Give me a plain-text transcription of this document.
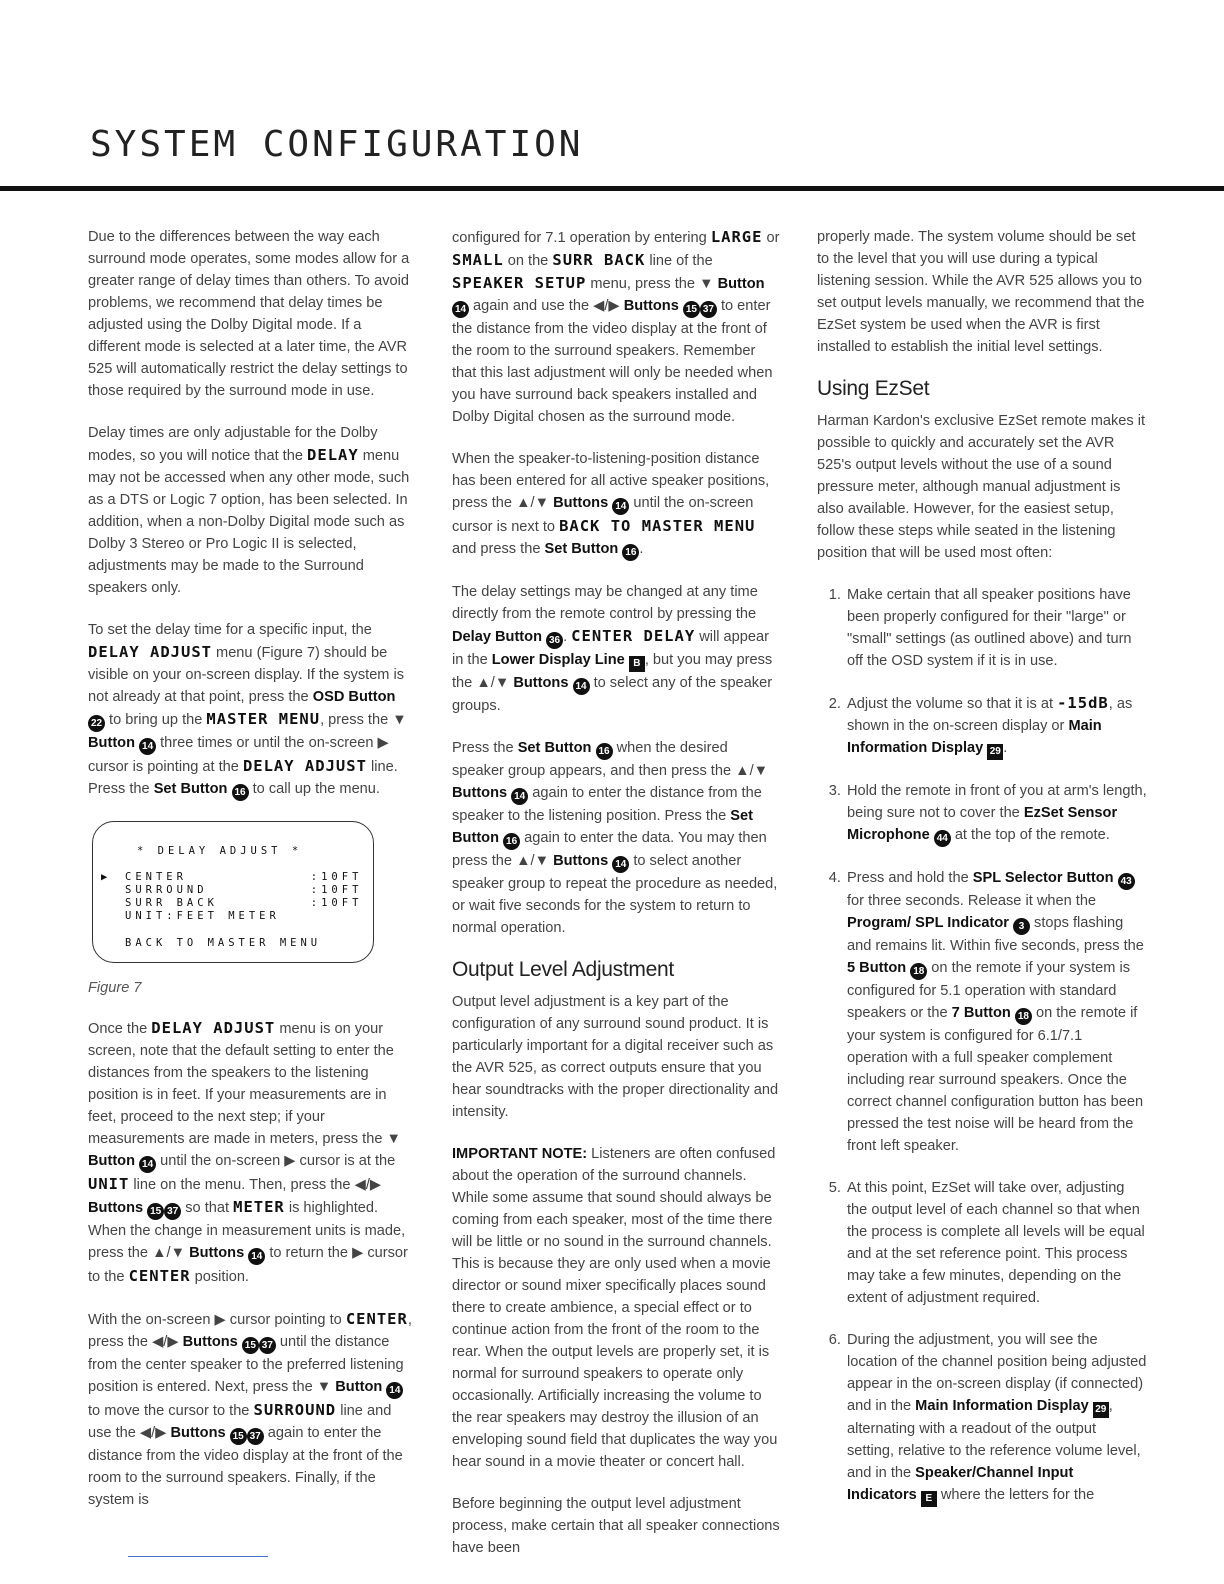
SYSTEM CONFIGURATION

Due to the differences between the way each surround mode operates, some modes allow for a greater range of delay times than others. To avoid problems, we recommend that delay times be adjusted using the Dolby Digital mode. If a different mode is selected at a later time, the AVR 525 will automatically restrict the delay settings to those required by the surround mode in use.

Delay times are only adjustable for the Dolby modes, so you will notice that the DELAY menu may not be accessed when any other mode, such as a DTS or Logic 7 option, has been selected. In addition, when a non-Dolby Digital mode such as Dolby 3 Stereo or Pro Logic II is selected, adjustments may be made to the Surround speakers only.

To set the delay time for a specific input, the DELAY ADJUST menu (Figure 7) should be visible on your on-screen display. If the system is not already at that point, press the OSD Button 22 to bring up the MASTER MENU, press the ▼ Button 14 three times or until the on-screen ▶ cursor is pointing at the DELAY ADJUST line. Press the Set Button 16 to call up the menu.

* DELAY ADJUST *
▶ CENTER            :10FT
SURROUND          :10FT
SURR BACK         :10FT
UNIT:FEET METER
BACK TO MASTER MENU
Figure 7

Once the DELAY ADJUST menu is on your screen, note that the default setting to enter the distances from the speakers to the listening position is in feet. If your measurements are in feet, proceed to the next step; if your measurements are made in meters, press the ▼ Button 14 until the on-screen ▶ cursor is at the UNIT line on the menu. Then, press the ◀/▶ Buttons 15 37 so that METER is highlighted. When the change in measurement units is made, press the ▲/▼ Buttons 14 to return the ▶ cursor to the CENTER position.

With the on-screen ▶ cursor pointing to CENTER, press the ◀/▶ Buttons 15 37 until the distance from the center speaker to the preferred listening position is entered. Next, press the ▼ Button 14 to move the cursor to the SURROUND line and use the ◀/▶ Buttons 15 37 again to enter the distance from the video display at the front of the room to the surround speakers. Finally, if the system is

configured for 7.1 operation by entering LARGE or SMALL on the SURR BACK line of the SPEAKER SETUP menu, press the ▼ Button 14 again and use the ◀/▶ Buttons 15 37 to enter the distance from the video display at the front of the room to the surround speakers. Remember that this last adjustment will only be needed when you have surround back speakers installed and Dolby Digital chosen as the surround mode.

When the speaker-to-listening-position distance has been entered for all active speaker positions, press the ▲/▼ Buttons 14 until the on-screen cursor is next to BACK TO MASTER MENU and press the Set Button 16 .

The delay settings may be changed at any time directly from the remote control by pressing the Delay Button 36 . CENTER DELAY will appear in the Lower Display Line B , but you may press the ▲/▼ Buttons 14 to select any of the speaker groups.

Press the Set Button 16 when the desired speaker group appears, and then press the ▲/▼ Buttons 14 again to enter the distance from the speaker to the listening position. Press the Set Button 16 again to enter the data. You may then press the ▲/▼ Buttons 14 to select another speaker group to repeat the procedure as needed, or wait five seconds for the system to return to normal operation.

Output Level Adjustment

Output level adjustment is a key part of the configuration of any surround sound product. It is particularly important for a digital receiver such as the AVR 525, as correct outputs ensure that you hear soundtracks with the proper directionality and intensity.

IMPORTANT NOTE: Listeners are often confused about the operation of the surround channels. While some assume that sound should always be coming from each speaker, most of the time there will be little or no sound in the surround channels. This is because they are only used when a movie director or sound mixer specifically places sound there to create ambience, a special effect or to continue action from the front of the room to the rear. When the output levels are properly set, it is normal for surround speakers to operate only occasionally. Artificially increasing the volume to the rear speakers may destroy the illusion of an enveloping sound field that duplicates the way you hear sound in a movie theater or concert hall.

Before beginning the output level adjustment process, make certain that all speaker connections have been

properly made. The system volume should be set to the level that you will use during a typical listening session. While the AVR 525 allows you to set output levels manually, we recommend that the EzSet system be used when the AVR is first installed to establish the initial level settings.

Using EzSet

Harman Kardon's exclusive EzSet remote makes it possible to quickly and accurately set the AVR 525's output levels without the use of a sound pressure meter, although manual adjustment is also available. However, for the easiest setup, follow these steps while seated in the listening position that will be used most often:

1. Make certain that all speaker positions have been properly configured for their "large" or "small" settings (as outlined above) and turn off the OSD system if it is in use.
2. Adjust the volume so that it is at -15dB, as shown in the on-screen display or Main Information Display 29 .
3. Hold the remote in front of you at arm's length, being sure not to cover the EzSet Sensor Microphone 44 at the top of the remote.
4. Press and hold the SPL Selector Button 43 for three seconds. Release it when the Program/ SPL Indicator 3 stops flashing and remains lit. Within five seconds, press the 5 Button 18 on the remote if your system is configured for 5.1 operation with standard speakers or the 7 Button 18 on the remote if your system is configured for 6.1/7.1 operation with a full speaker complement including rear surround speakers. Once the correct channel configuration button has been pressed the test noise will be heard from the front left speaker.
5. At this point, EzSet will take over, adjusting the output level of each channel so that when the process is complete all levels will be equal and at the set reference point. This process may take a few minutes, depending on the extent of adjustment required.
6. During the adjustment, you will see the location of the channel position being adjusted appear in the on-screen display (if connected) and in the Main Information Display 29 , alternating with a readout of the output setting, relative to the reference volume level, and in the Speaker/Channel Input Indicators E where the letters for the
